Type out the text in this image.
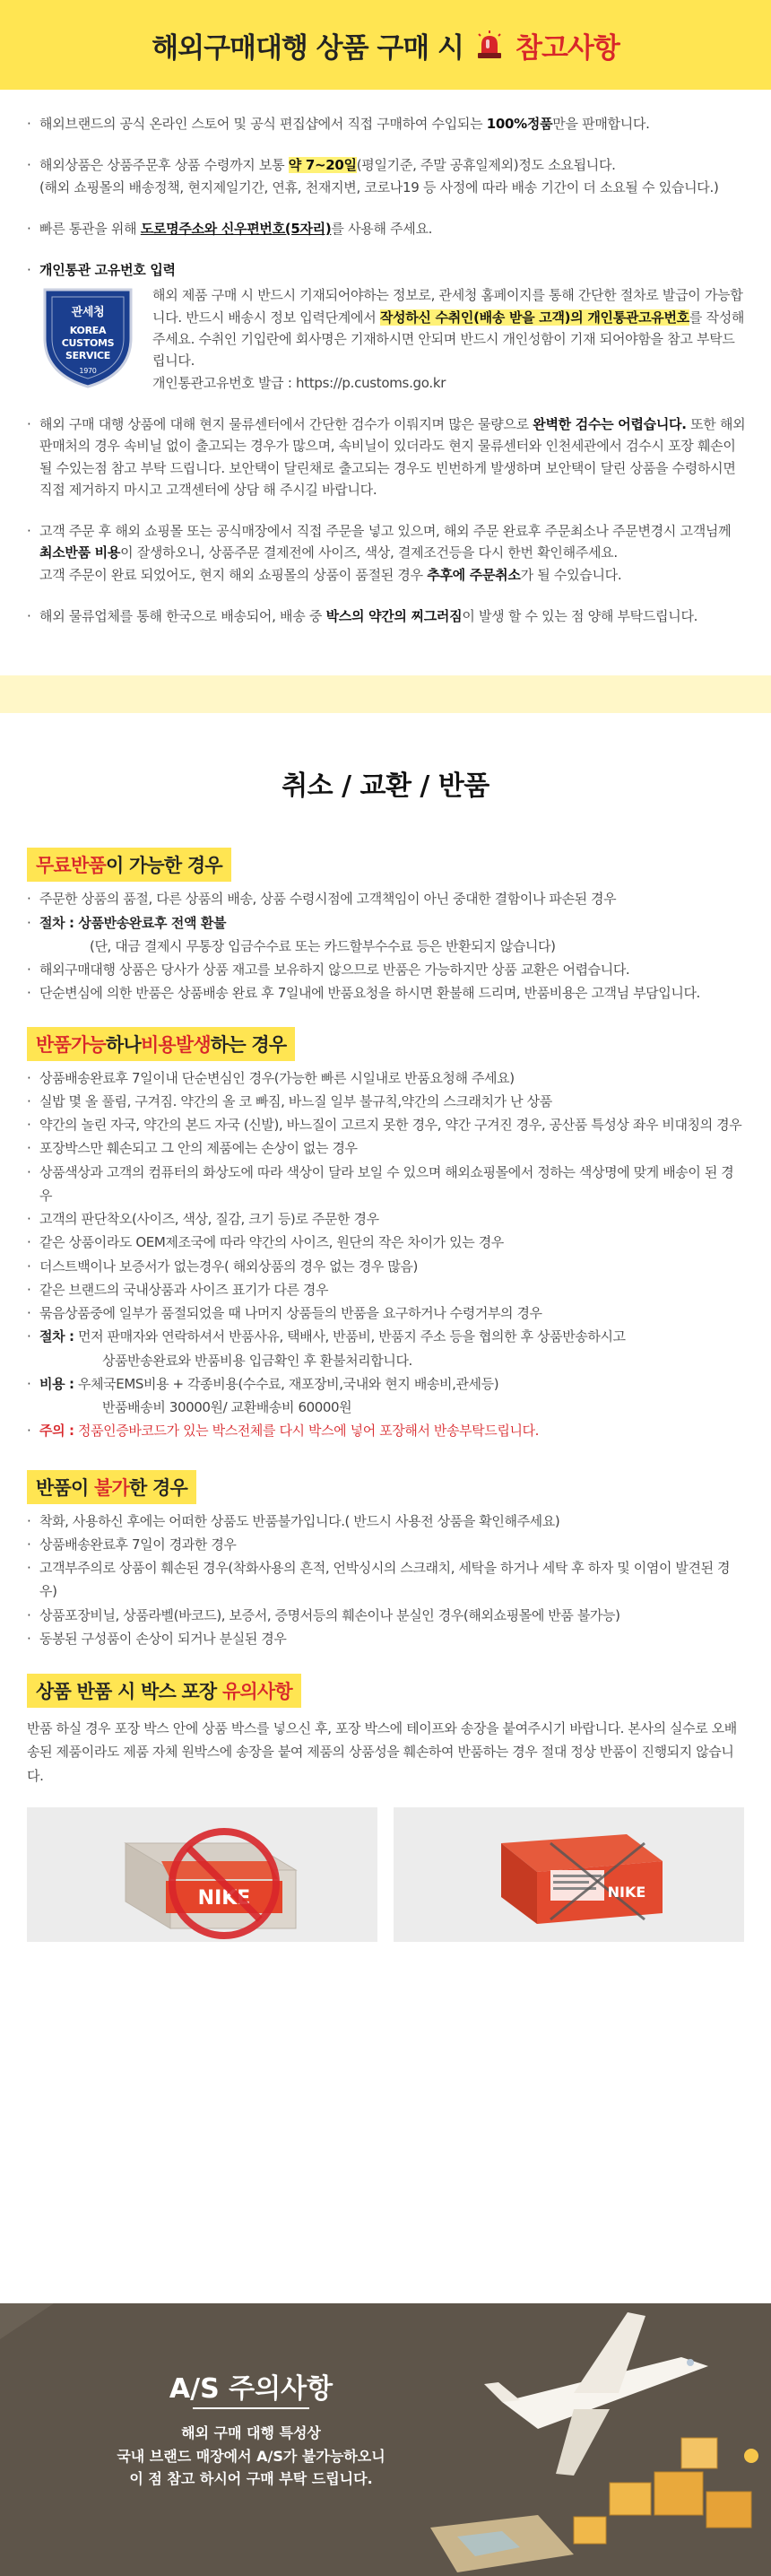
해외구매대행 상품 구매 시 참고사항
· 해외브랜드의 공식 온라인 스토어 및 공식 편집샵에서 직접 구매하여 수입되는 100%정품만을 판매합니다.
· 해외상품은 상품주문후 상품 수령까지 보통 약 7~20일(평일기준, 주말 공휴일제외)정도 소요됩니다.
(해외 쇼핑몰의 배송정책, 현지제일기간, 연휴, 천재지변, 코로나19 등 사정에 따라 배송 기간이 더 소요될 수 있습니다.)
· 빠른 통관을 위해 도로명주소와 신우편번호(5자리)를 사용해 주세요.
· 개인통관 고유번호 입력
관세청
KOREA
CUSTOMS
SERVICE
1970
해외 제품 구매 시 반드시 기재되어야하는 정보로, 관세청 홈페이지를 통해 간단한 절차로 발급이 가능합니다. 반드시 배송시 정보 입력단계에서 작성하신 수취인(배송 받을 고객)의 개인통관고유번호를 작성해주세요. 수취인 기입란에 회사명은 기재하시면 안되며 반드시 개인성함이 기재 되어야함을 참고 부탁드립니다.
개인통관고유번호 발급 : https://p.customs.go.kr
· 해외 구매 대행 상품에 대해 현지 물류센터에서 간단한 검수가 이뤄지며 많은 물량으로 완벽한 검수는 어렵습니다. 또한 해외 판매처의 경우 속비닐 없이 출고되는 경우가 많으며, 속비닐이 있더라도 현지 물류센터와 인천세관에서 검수시 포장 훼손이 될 수있는점 참고 부탁 드립니다. 보안택이 달린채로 출고되는 경우도 빈번하게 발생하며 보안택이 달린 상품을 수령하시면 직접 제거하지 마시고 고객센터에 상담 해 주시길 바랍니다.
· 고객 주문 후 해외 쇼핑몰 또는 공식매장에서 직접 주문을 넣고 있으며, 해외 주문 완료후 주문최소나 주문변경시 고객님께 최소반품 비용이 잘생하오니, 상품주문 결제전에 사이즈, 색상, 결제조건등을 다시 한번 확인해주세요.
고객 주문이 완료 되었어도, 현지 해외 쇼핑몰의 상품이 품절된 경우 추후에 주문취소가 될 수있습니다.
· 해외 물류업체를 통해 한국으로 배송되어, 배송 중 박스의 약간의 찌그러짐이 발생 할 수 있는 점 양해 부탁드립니다.
취소 / 교환 / 반품
무료반품이 가능한 경우
· 주문한 상품의 품절, 다른 상품의 배송, 상품 수령시점에 고객책임이 아닌 중대한 결함이나 파손된 경우
· 절차 : 상품반송완료후 전액 환불
(단, 대금 결제시 무통장 입금수수료 또는 카드할부수수료 등은 반환되지 않습니다)
· 해외구매대행 상품은 당사가 상품 재고를 보유하지 않으므로 반품은 가능하지만 상품 교환은 어렵습니다.
· 단순변심에 의한 반품은 상품배송 완료 후 7일내에 반품요청을 하시면 환불해 드리며, 반품비용은 고객님 부담입니다.
반품가능하나비용발생하는 경우
· 상품배송완료후 7일이내 단순변심인 경우(가능한 빠른 시일내로 반품요청해 주세요)
· 실밥 몇 올 풀림, 구겨짐. 약간의 올 코 빠짐, 바느질 일부 불규칙,약간의 스크래치가 난 상품
· 약간의 놀린 자국, 약간의 본드 자국 (신발), 바느질이 고르지 못한 경우, 약간 구겨진 경우, 공산품 특성상 좌우 비대칭의 경우
· 포장박스만 훼손되고 그 안의 제품에는 손상이 없는 경우
· 상품색상과 고객의 컴퓨터의 화상도에 따라 색상이 달라 보일 수 있으며 해외쇼핑몰에서 정하는 색상명에 맞게 배송이 된 경우
· 고객의 판단착오(사이즈, 색상, 질감, 크기 등)로 주문한 경우
· 같은 상품이라도 OEM제조국에 따라 약간의 사이즈, 원단의 작은 차이가 있는 경우
· 더스트백이나 보증서가 없는경우( 해외상품의 경우 없는 경우 많음)
· 같은 브랜드의 국내상품과 사이즈 표기가 다른 경우
· 묶음상품중에 일부가 품절되었을 때 나머지 상품들의 반품을 요구하거나 수령거부의 경우
· 절차 : 먼저 판매자와 연락하셔서 반품사유, 택배사, 반품비, 반품지 주소 등을 협의한 후 상품반송하시고
상품반송완료와 반품비용 입금확인 후 환불처리합니다.
· 비용 : 우체국EMS비용 + 각종비용(수수료, 재포장비,국내와 현지 배송비,관세등)
반품배송비 30000원/ 교환배송비 60000원
· 주의 : 정품인증바코드가 있는 박스전체를 다시 박스에 넣어 포장해서 반송부탁드립니다.
반품이 불가한 경우
· 착화, 사용하신 후에는 어떠한 상품도 반품불가입니다.( 반드시 사용전 상품을 확인해주세요)
· 상품배송완료후 7일이 경과한 경우
· 고객부주의로 상품이 훼손된 경우(착화사용의 흔적, 언박싱시의 스크래치, 세탁을 하거나 세탁 후 하자 및 이염이 발견된 경우)
· 상품포장비닐, 상품라벨(바코드), 보증서, 증명서등의 훼손이나 분실인 경우(해외쇼핑몰에 반품 불가능)
· 동봉된 구성품이 손상이 되거나 분실된 경우
상품 반품 시 박스 포장 유의사항
반품 하실 경우 포장 박스 안에 상품 박스를 넣으신 후, 포장 박스에 테이프와 송장을 붙여주시기 바랍니다. 본사의 실수로 오배송된 제품이라도 제품 자체 원박스에 송장을 붙여 제품의 상품성을 훼손하여 반품하는 경우 절대 정상 반품이 진행되지 않습니다.
NIKE	NIKE
A/S 주의사항
해외 구매 대행 특성상
국내 브랜드 매장에서 A/S가 불가능하오니
이 점 참고 하시어 구매 부탁 드립니다.
